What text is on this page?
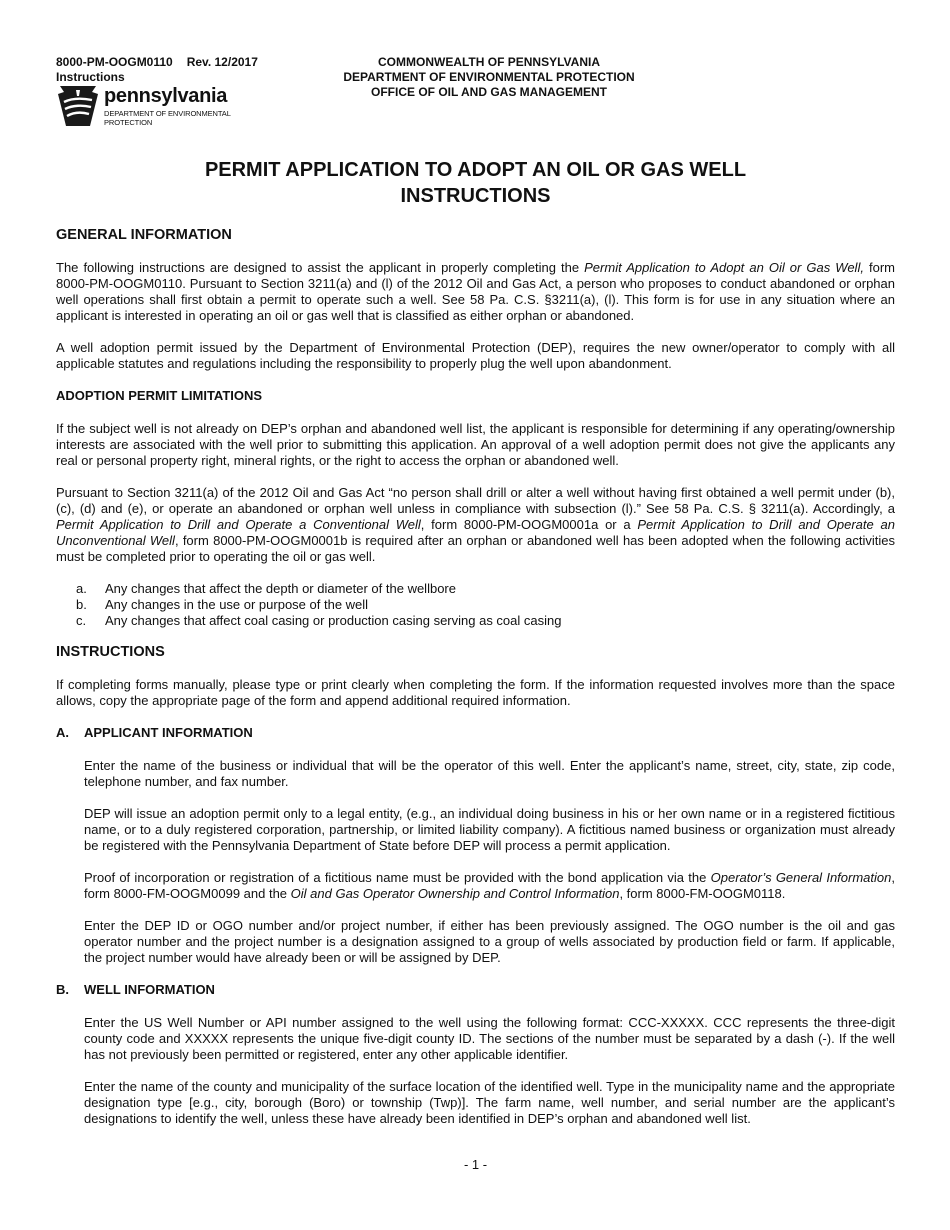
8000-PM-OOGM0110 Rev. 12/2017
Instructions
COMMONWEALTH OF PENNSYLVANIA
DEPARTMENT OF ENVIRONMENTAL PROTECTION
OFFICE OF OIL AND GAS MANAGEMENT
pennsylvania
DEPARTMENT OF ENVIRONMENTAL
PROTECTION
PERMIT APPLICATION TO ADOPT AN OIL OR GAS WELL
INSTRUCTIONS
GENERAL INFORMATION

The following instructions are designed to assist the applicant in properly completing the Permit Application to Adopt an Oil or Gas Well, form 8000-PM-OOGM0110. Pursuant to Section 3211(a) and (l) of the 2012 Oil and Gas Act, a person who proposes to conduct abandoned or orphan well operations shall first obtain a permit to operate such a well. See 58 Pa. C.S. §3211(a), (l). This form is for use in any situation where an applicant is interested in operating an oil or gas well that is classified as either orphan or abandoned.

A well adoption permit issued by the Department of Environmental Protection (DEP), requires the new owner/operator to comply with all applicable statutes and regulations including the responsibility to properly plug the well upon abandonment.

ADOPTION PERMIT LIMITATIONS

If the subject well is not already on DEP’s orphan and abandoned well list, the applicant is responsible for determining if any operating/ownership interests are associated with the well prior to submitting this application. An approval of a well adoption permit does not give the applicants any real or personal property right, mineral rights, or the right to access the orphan or abandoned well.

Pursuant to Section 3211(a) of the 2012 Oil and Gas Act “no person shall drill or alter a well without having first obtained a well permit under (b), (c), (d) and (e), or operate an abandoned or orphan well unless in compliance with subsection (l).” See 58 Pa. C.S. § 3211(a). Accordingly, a Permit Application to Drill and Operate a Conventional Well, form 8000-PM-OOGM0001a or a Permit Application to Drill and Operate an Unconventional Well, form 8000-PM-OOGM0001b is required after an orphan or abandoned well has been adopted when the following activities must be completed prior to operating the oil or gas well.

a. Any changes that affect the depth or diameter of the wellbore
b. Any changes in the use or purpose of the well
c. Any changes that affect coal casing or production casing serving as coal casing
INSTRUCTIONS

If completing forms manually, please type or print clearly when completing the form. If the information requested involves more than the space allows, copy the appropriate page of the form and append additional required information.

A. APPLICANT INFORMATION

Enter the name of the business or individual that will be the operator of this well. Enter the applicant’s name, street, city, state, zip code, telephone number, and fax number.

DEP will issue an adoption permit only to a legal entity, (e.g., an individual doing business in his or her own name or in a registered fictitious name, or to a duly registered corporation, partnership, or limited liability company). A fictitious named business or organization must already be registered with the Pennsylvania Department of State before DEP will process a permit application.

Proof of incorporation or registration of a fictitious name must be provided with the bond application via the Operator’s General Information, form 8000-FM-OOGM0099 and the Oil and Gas Operator Ownership and Control Information, form 8000-FM-OOGM0118.

Enter the DEP ID or OGO number and/or project number, if either has been previously assigned. The OGO number is the oil and gas operator number and the project number is a designation assigned to a group of wells associated by production field or farm. If applicable, the project number would have already been or will be assigned by DEP.

B. WELL INFORMATION

Enter the US Well Number or API number assigned to the well using the following format: CCC-XXXXX. CCC represents the three-digit county code and XXXXX represents the unique five-digit county ID. The sections of the number must be separated by a dash (-). If the well has not previously been permitted or registered, enter any other applicable identifier.

Enter the name of the county and municipality of the surface location of the identified well. Type in the municipality name and the appropriate designation type [e.g., city, borough (Boro) or township (Twp)]. The farm name, well number, and serial number are the applicant’s designations to identify the well, unless these have already been identified in DEP’s orphan and abandoned well list.

- 1 -
